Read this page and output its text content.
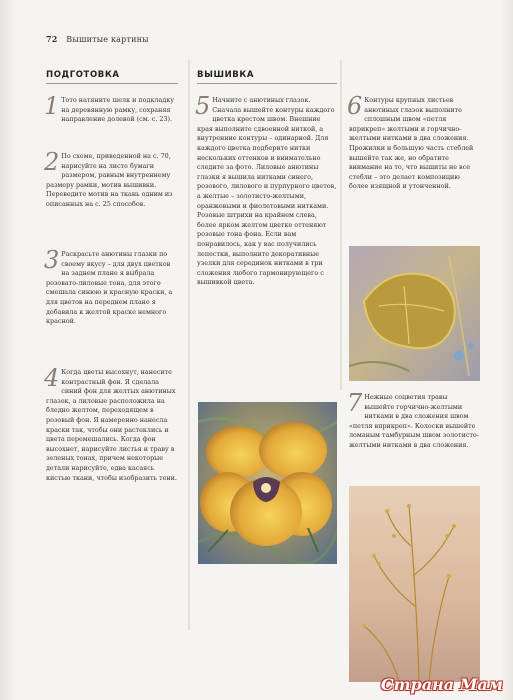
72 Вышитые картины
ПОДГОТОВКА
1 Тото натяните шелк и подкладку на деревянную рамку, сохраняя направление долевой (см. с. 23).

2 По схеме, приведенной на с. 70, нарисуйте на листе бумаги размером, равным внутреннему размеру рамки, мотив вышивки. Переведите мотив на ткань одним из описанных на с. 25 способов.

3 Раскрасьте анютины глазки по своему вкусу – для двух цветков на заднем плане я выбрала розовато-лиловые тона, для этого смешала синюю и красную краски, а для цветов на переднем плане я добавила к желтой краске немного красной.

4 Когда цветы высохнут, нанесите контрастный фон. Я сделала синий фон для желтых анютиных глазок, а лиловые расположила на бледно желтом, переходящем в розовый фон. Я намеренно нанесла краски так, чтобы они растеклись и цвета перемешались. Когда фон высохнет, нарисуйте листья и траву в зеленых тонах, причем некоторые детали нарисуйте, едва касаясь кистью ткани, чтобы изобразить тени.

ВЫШИВКА
5 Начните с анютиных глазок. Сначала вышейте контуры каждого цветка крестом швом. Внешние края выполните сдвоенной ниткой, а внутренние контуры – одинарной. Для каждого цветка подберите нитки нескольких оттенков и внимательно следите за фото. Лиловые анютины глазки я вышила нитками синего, розового, лилового и пурпурного цветов, а желтые – золотисто-желтыми, оранжевыми и фиолетовыми нитками. Розовые штрихи на крайнем слева, более ярком желтом цветке оттеняют розовые тона фона. Если вам понравилось, как у вас получились лепестки, выполните декоративные узелки для серединок нитками в три сложения любого гармонирующего с вышивкой цвета.

6 Контуры крупных листьев анютиных глазок выполните сплошным швом «петля вприкреп» желтыми и горчично-желтыми нитками в два сложения. Прожилки и большую часть стеблей вышейте так же, но обратите внимание на то, что вышиты не все стебли – это делает композицию более изящной и утонченной.

7 Нежные соцветия травы вышейте горчично-желтыми нитками в два сложения швом «петля вприкреп». Колоски вышейте ломаным тамбурным швом золотисто-желтыми нитками в два сложения.

Страна Мам
